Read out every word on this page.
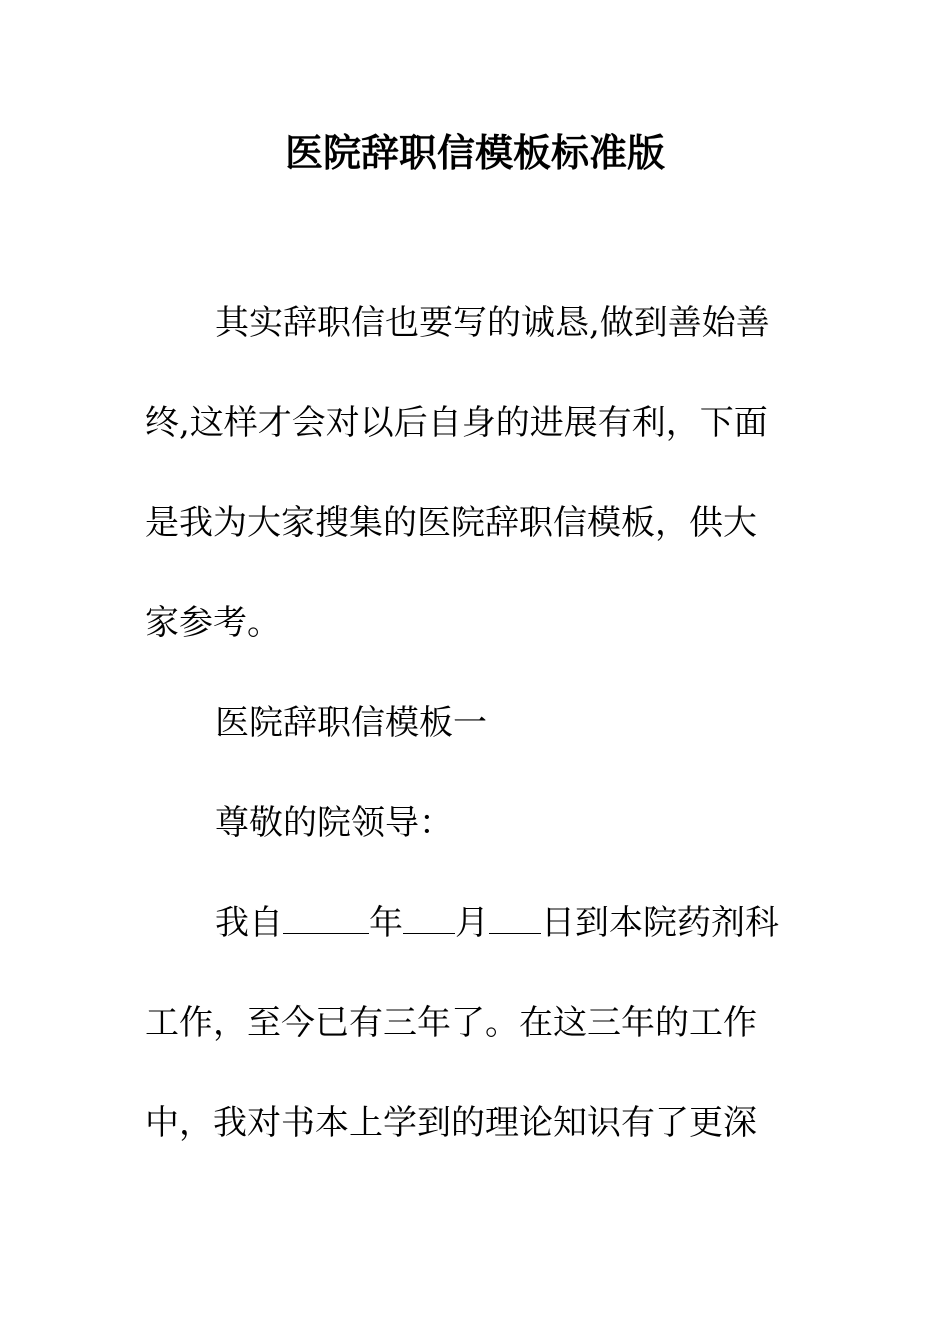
医院辞职信模板标准版
其实辞职信也要写的诚恳,做到善始善
终,这样才会对以后自身的进展有利，下面
是我为大家搜集的医院辞职信模板，供大
家参考。
医院辞职信模板一
尊敬的院领导：
我自	年 月 日到本院药剂科
工作，至今已有三年了。在这三年的工作
中，我对书本上学到的理论知识有了更深
